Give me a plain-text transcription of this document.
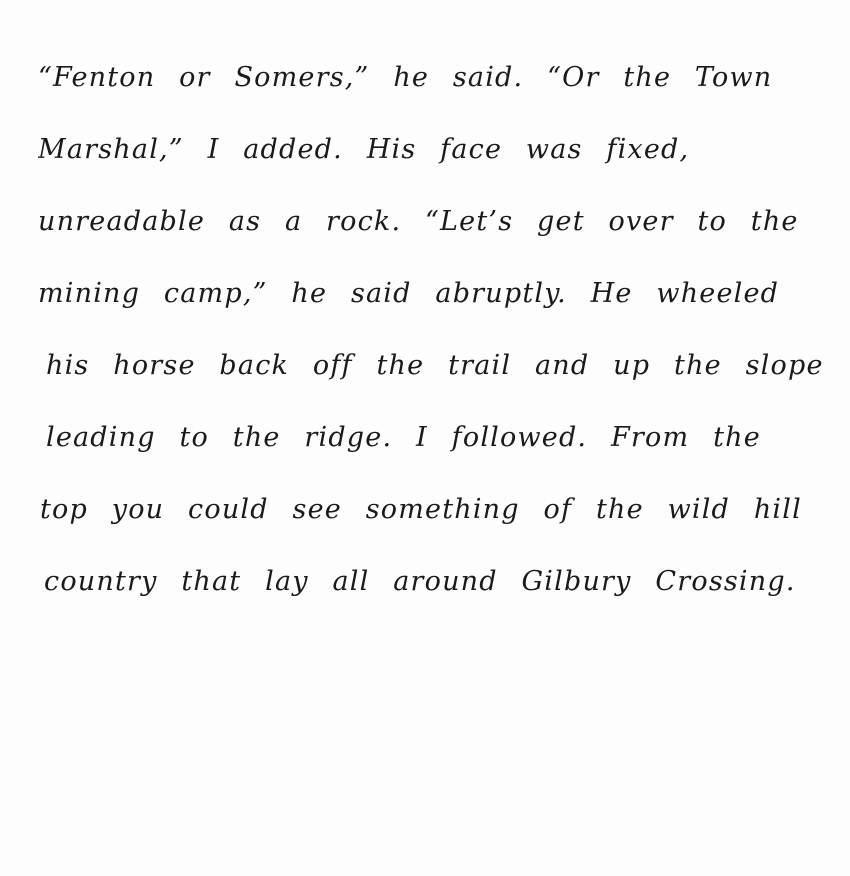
“Fenton or Somers,” he said. “Or the Town
Marshal,” I added. His face was fixed,
unreadable as a rock. “Let’s get over to the
mining camp,” he said abruptly. He wheeled
his horse back off the trail and up the slope
leading to the ridge. I followed. From the
top you could see something of the wild hill
country that lay all around Gilbury Crossing.
